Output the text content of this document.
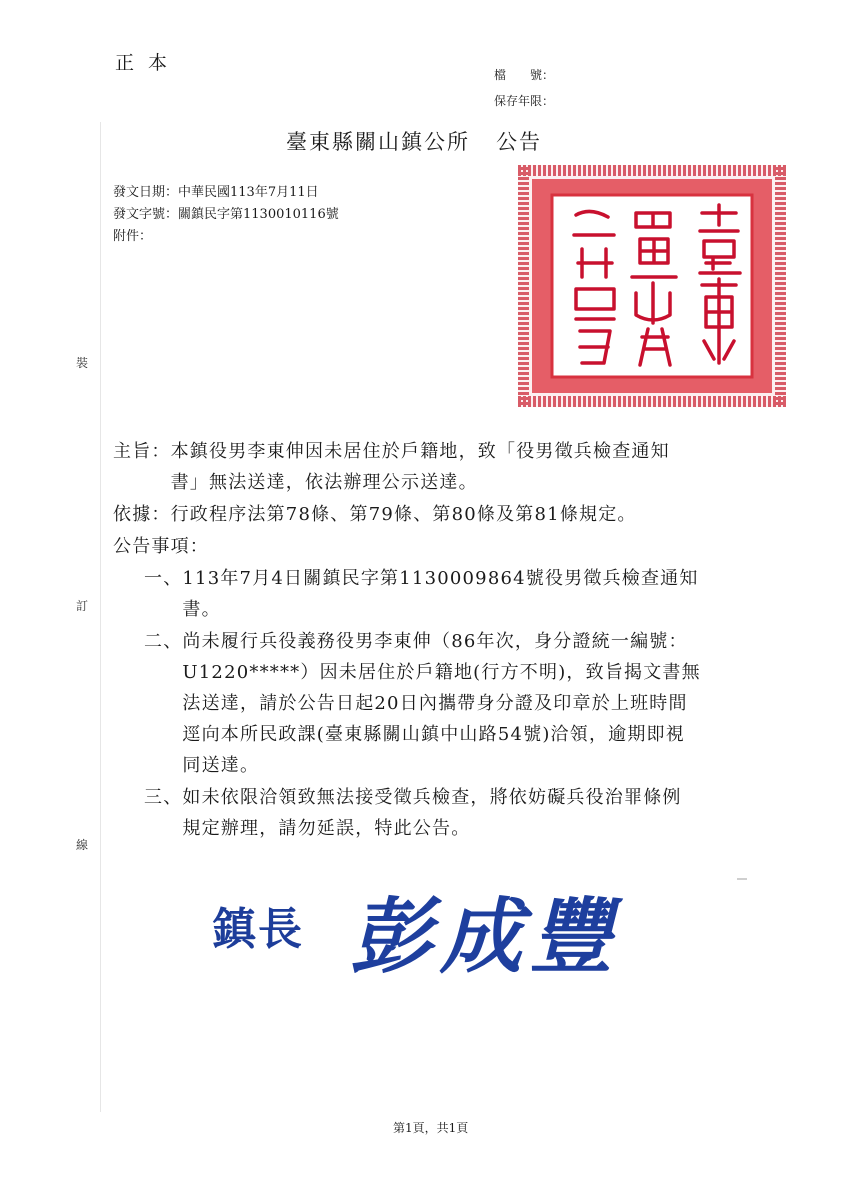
正本
檔　　號：
保存年限：
裝
訂
線
臺東縣關山鎮公所 公告
發文日期：中華民國113年7月11日
發文字號：關鎮民字第1130010116號
附件：
主旨：本鎮役男李東伸因未居住於戶籍地，致「役男徵兵檢查通知
　　　書」無法送達，依法辦理公示送達。
依據：行政程序法第78條、第79條、第80條及第81條規定。
公告事項：
一、113年7月4日關鎮民字第1130009864號役男徵兵檢查通知
　　書。
二、尚未履行兵役義務役男李東伸（86年次，身分證統一編號：
　　U1220*****）因未居住於戶籍地(行方不明)，致旨揭文書無
　　法送達，請於公告日起20日內攜帶身分證及印章於上班時間
　　逕向本所民政課(臺東縣關山鎮中山路54號)洽領，逾期即視
　　同送達。
三、如未依限洽領致無法接受徵兵檢查，將依妨礙兵役治罪條例
　　規定辦理，請勿延誤，特此公告。
鎮長 彭成豐
第1頁，共1頁
